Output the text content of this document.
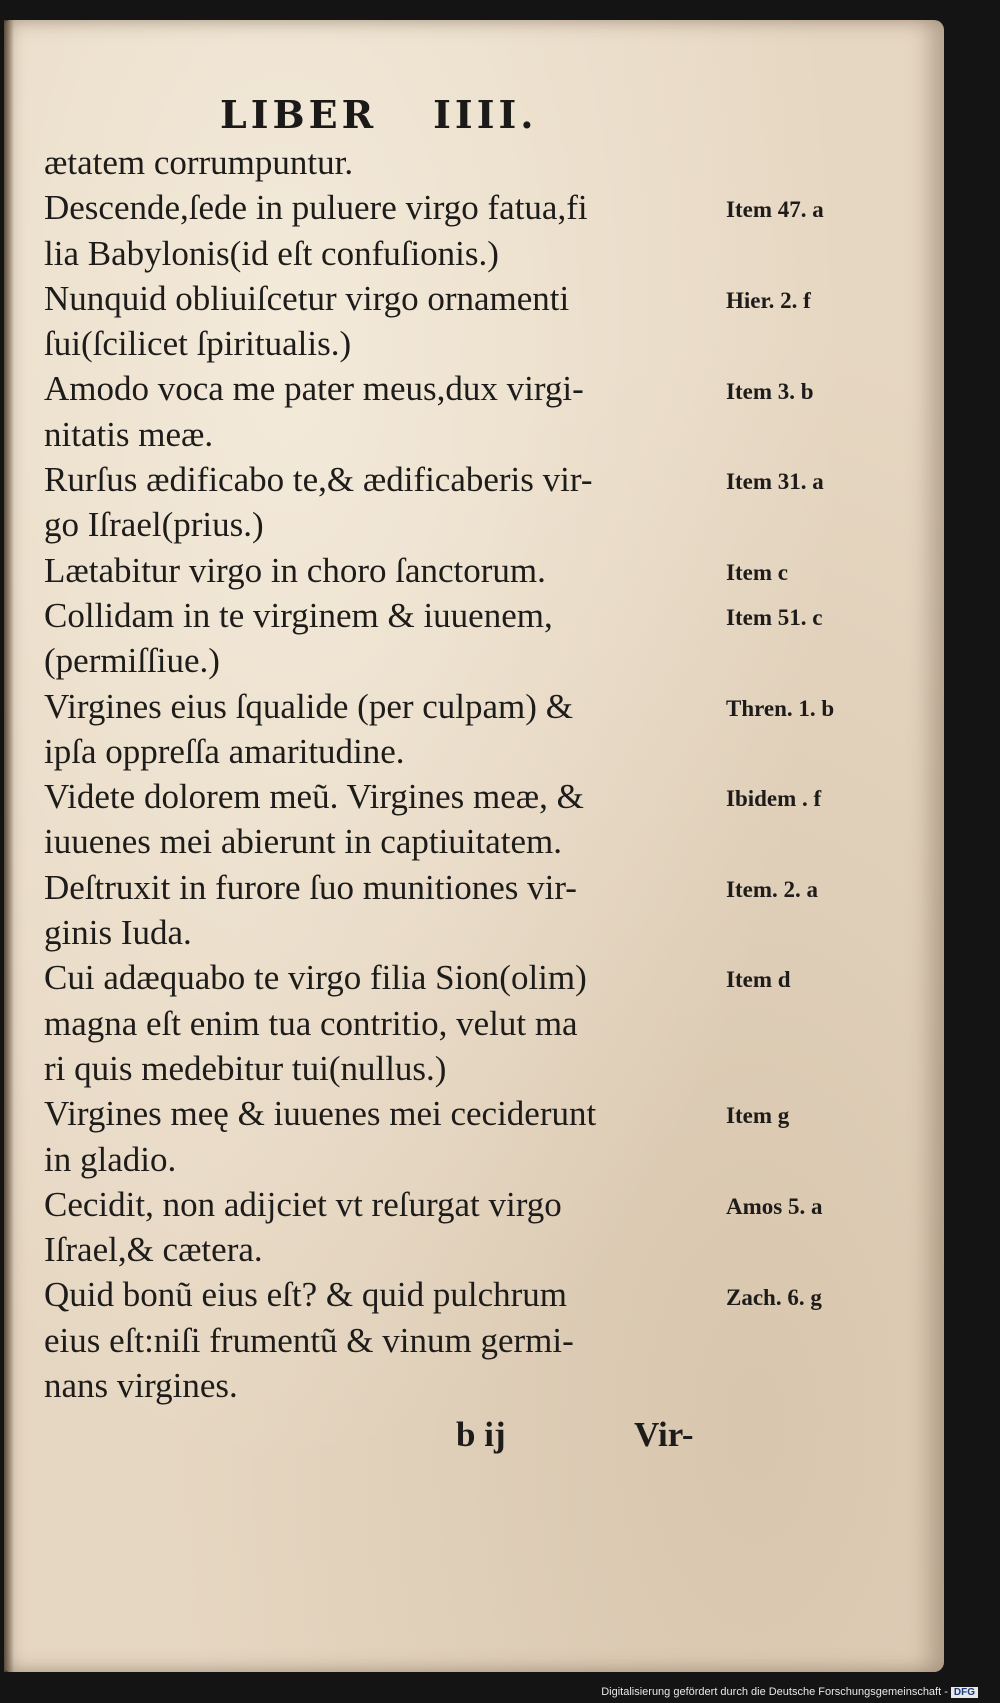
LIBER IIII.
ætatem corrumpuntur.
Descende,ſede in puluere virgo fatua,fi
lia Babylonis(id eſt confuſionis.)
Nunquid obliuiſcetur virgo ornamenti
ſui(ſcilicet ſpiritualis.)
Amodo voca me pater meus,dux virgi-
nitatis meæ.
Rurſus ædificabo te,& ædificaberis vir-
go Iſrael(prius.)
Lætabitur virgo in choro ſanctorum.
Collidam in te virginem & iuuenem,
(permiſſiue.)
Virgines eius ſqualide (per culpam) &
ipſa oppreſſa amaritudine.
Videte dolorem meũ. Virgines meæ, &
iuuenes mei abierunt in captiuitatem.
Deſtruxit in furore ſuo munitiones vir-
ginis Iuda.
Cui adæquabo te virgo filia Sion(olim)
magna eſt enim tua contritio, velut ma
ri quis medebitur tui(nullus.)
Virgines meę & iuuenes mei ceciderunt
in gladio.
Cecidit, non adijciet vt reſurgat virgo
Iſrael,& cætera.
Quid bonũ eius eſt? & quid pulchrum
eius eſt:niſi frumentũ & vinum germi-
nans virgines.
Item 47. a
Hier. 2. f
Item 3. b
Item 31. a
Item c
Item 51. c
Thren. 1. b
Ibidem . f
Item. 2. a
Item d
Item g
Amos 5. a
Zach. 6. g
b ij	Vir-
Digitalisierung gefördert durch die Deutsche Forschungsgemeinschaft - DFG
